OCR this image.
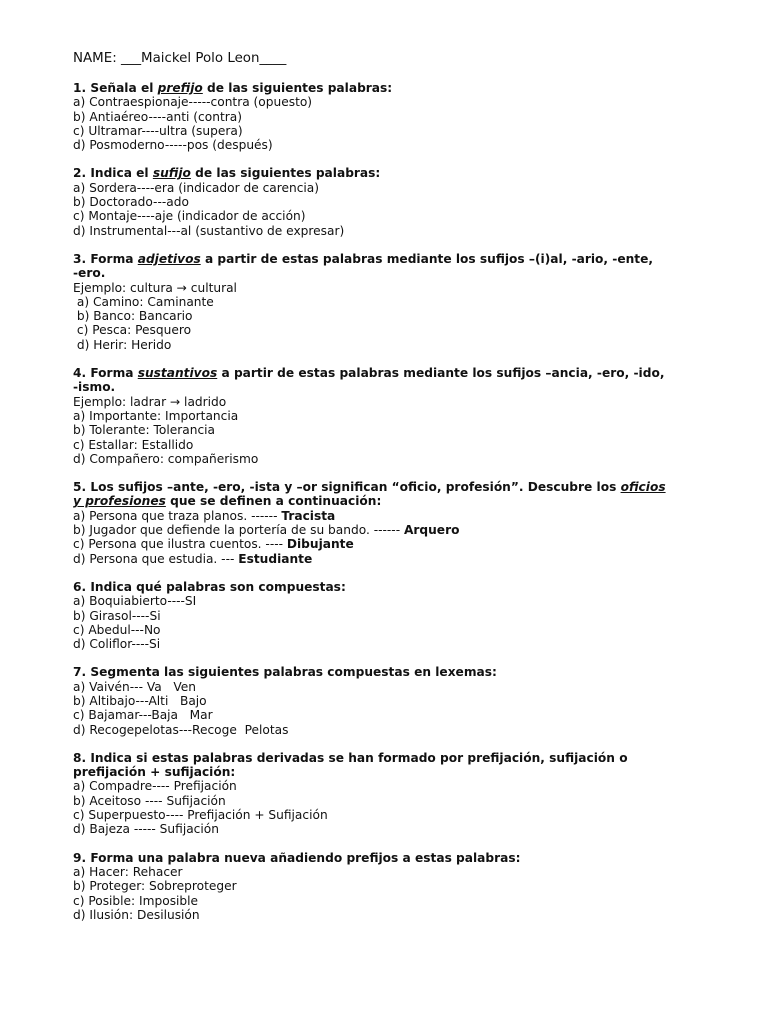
NAME: ___Maickel Polo Leon____
1. Señala el prefijo de las siguientes palabras:
a) Contraespionaje-----contra (opuesto)
b) Antiaéreo----anti (contra)
c) Ultramar----ultra (supera)
d) Posmoderno-----pos (después)
2. Indica el sufijo de las siguientes palabras:
a) Sordera----era (indicador de carencia)
b) Doctorado---ado
c) Montaje----aje (indicador de acción)
d) Instrumental---al (sustantivo de expresar)
3. Forma adjetivos a partir de estas palabras mediante los sufijos –(i)al, -ario, -ente,
-ero.
Ejemplo: cultura → cultural
a) Camino: Caminante
b) Banco: Bancario
c) Pesca: Pesquero
d) Herir: Herido
4. Forma sustantivos a partir de estas palabras mediante los sufijos –ancia, -ero, -ido,
-ismo.
Ejemplo: ladrar → ladrido
a) Importante: Importancia
b) Tolerante: Tolerancia
c) Estallar: Estallido
d) Compañero: compañerismo
5. Los sufijos –ante, -ero, -ista y –or significan “oficio, profesión”. Descubre los oficios
y profesiones que se definen a continuación:
a) Persona que traza planos. ------ Tracista
b) Jugador que defiende la portería de su bando. ------ Arquero
c) Persona que ilustra cuentos. ---- Dibujante
d) Persona que estudia. --- Estudiante
6. Indica qué palabras son compuestas:
a) Boquiabierto----SI
b) Girasol----Si
c) Abedul---No
d) Coliflor----Si
7. Segmenta las siguientes palabras compuestas en lexemas:
a) Vaivén--- Va   Ven
b) Altibajo---Alti   Bajo
c) Bajamar---Baja   Mar
d) Recogepelotas---Recoge  Pelotas
8. Indica si estas palabras derivadas se han formado por prefijación, sufijación o
prefijación + sufijación:
a) Compadre---- Prefijación
b) Aceitoso ---- Sufijación
c) Superpuesto---- Prefijación + Sufijación
d) Bajeza ----- Sufijación
9. Forma una palabra nueva añadiendo prefijos a estas palabras:
a) Hacer: Rehacer
b) Proteger: Sobreproteger
c) Posible: Imposible
d) Ilusión: Desilusión
